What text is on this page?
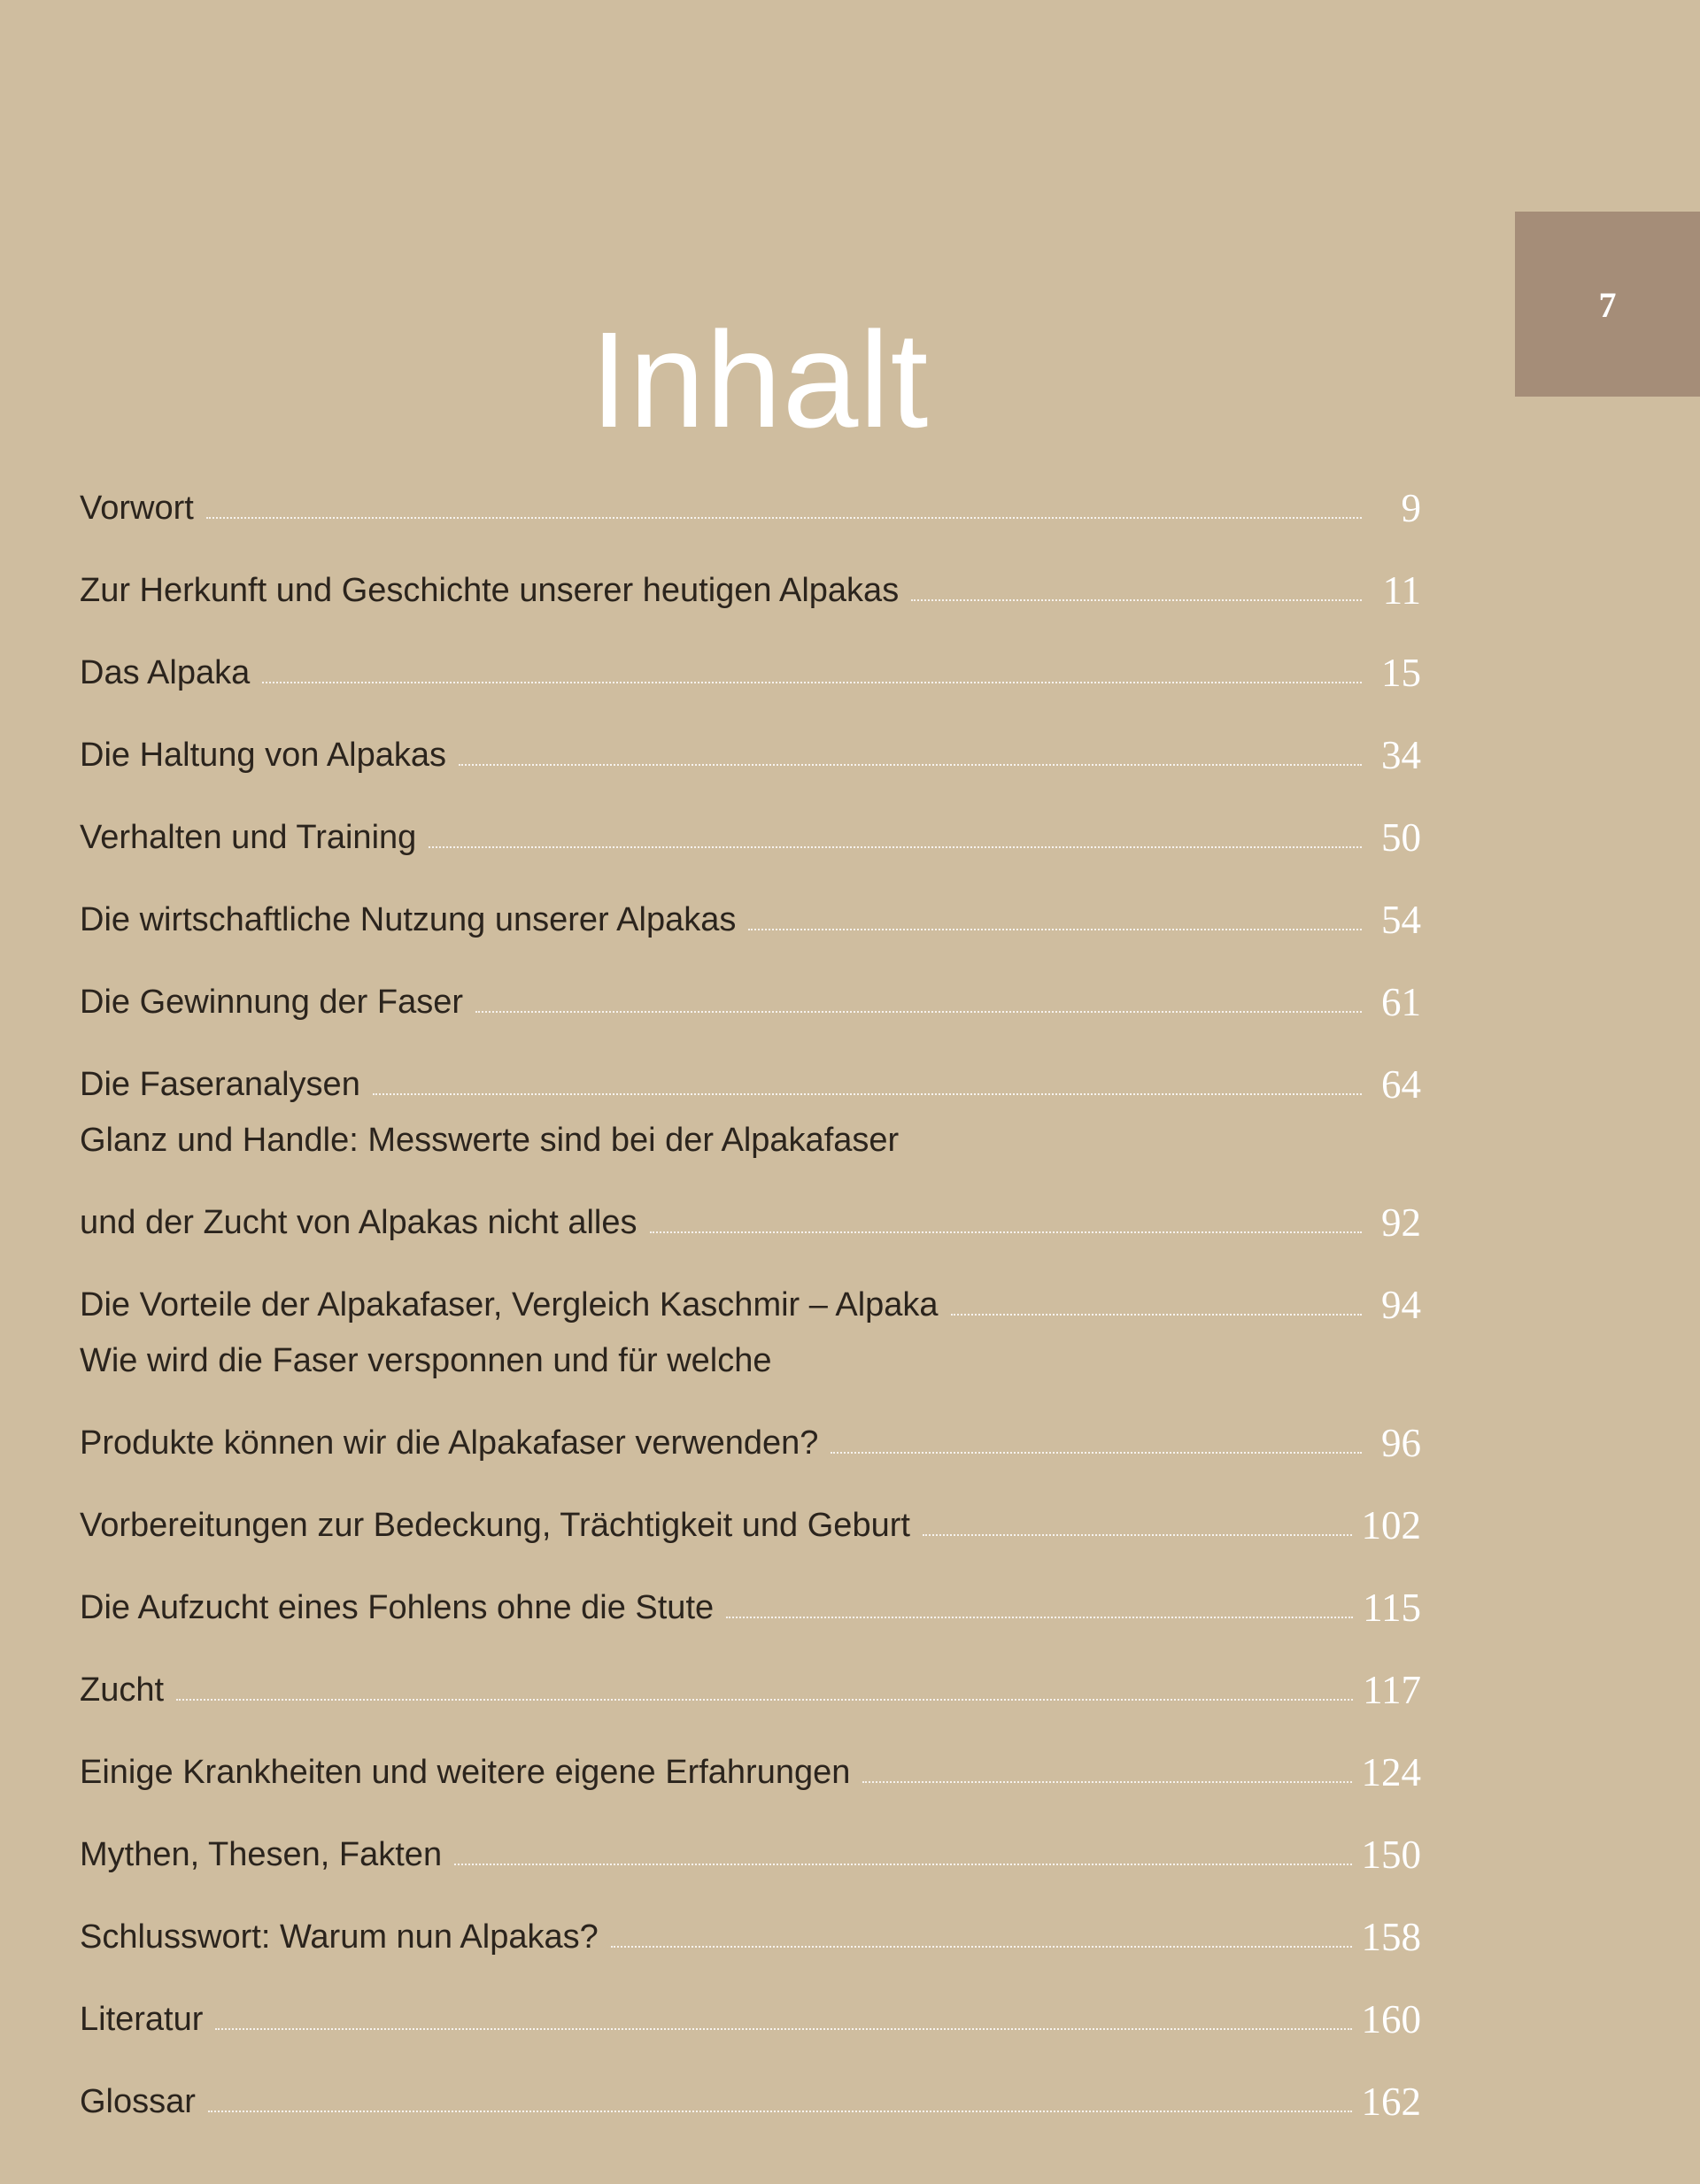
7
Inhalt
Vorwort	9
Zur Herkunft und Geschichte unserer heutigen Alpakas	11
Das Alpaka	15
Die Haltung von Alpakas	34
Verhalten und Training	50
Die wirtschaftliche Nutzung unserer Alpakas	54
Die Gewinnung der Faser	61
Die Faseranalysen	64
Glanz und Handle: Messwerte sind bei der Alpakafaser
und der Zucht von Alpakas nicht alles	92
Die Vorteile der Alpakafaser, Vergleich Kaschmir – Alpaka	94
Wie wird die Faser versponnen und für welche
Produkte können wir die Alpakafaser verwenden?	96
Vorbereitungen zur Bedeckung, Trächtigkeit und Geburt	102
Die Aufzucht eines Fohlens ohne die Stute	115
Zucht	117
Einige Krankheiten und weitere eigene Erfahrungen	124
Mythen, Thesen, Fakten	150
Schlusswort: Warum nun Alpakas?	158
Literatur	160
Glossar	162
